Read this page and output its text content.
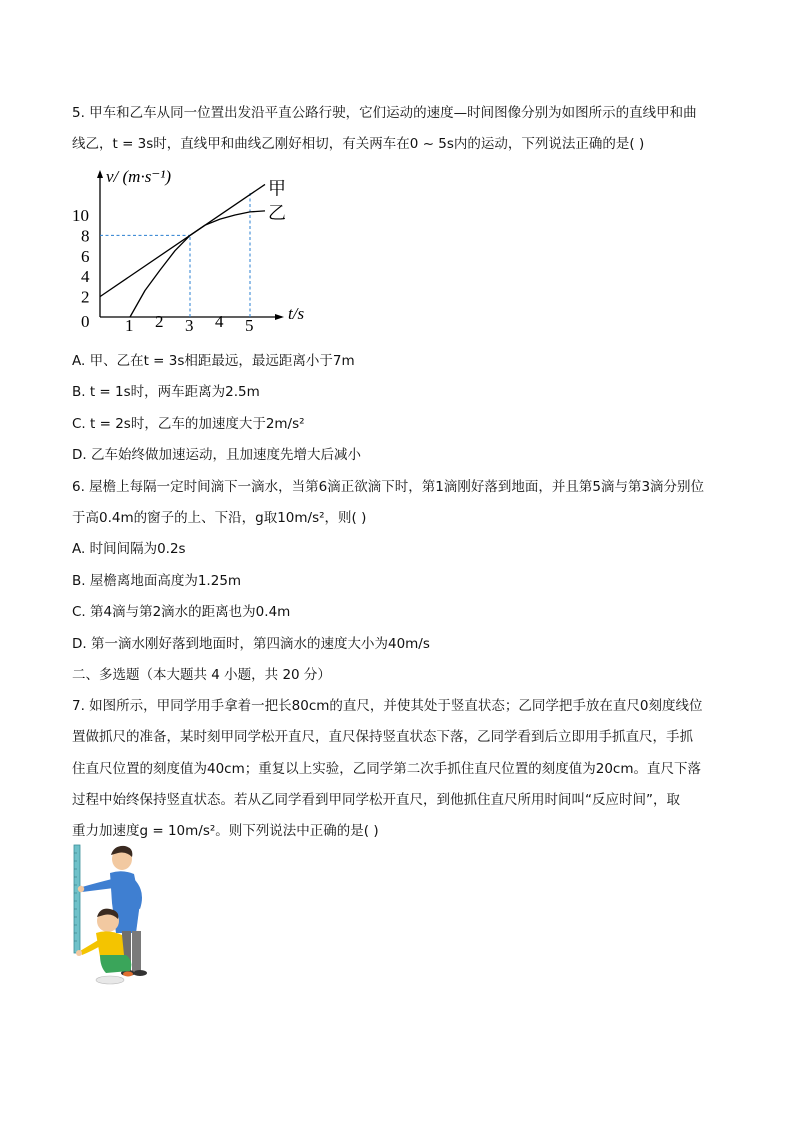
5. 甲车和乙车从同一位置出发沿平直公路行驶，它们运动的速度—时间图像分别为如图所示的直线甲和曲
线乙，t = 3s时，直线甲和曲线乙刚好相切，有关两车在0 ~ 5s内的运动，下列说法正确的是( )
甲
乙
1 2 3 4 5
2
4
6
8
10
0
v/ (m·s⁻¹)
t/s
A. 甲、乙在t = 3s相距最远，最远距离小于7m
B. t = 1s时，两车距离为2.5m
C. t = 2s时，乙车的加速度大于2m/s²
D. 乙车始终做加速运动，且加速度先增大后减小
6. 屋檐上每隔一定时间滴下一滴水，当第6滴正欲滴下时，第1滴刚好落到地面，并且第5滴与第3滴分别位
于高0.4m的窗子的上、下沿，g取10m/s²，则( )
A. 时间间隔为0.2s
B. 屋檐离地面高度为1.25m
C. 第4滴与第2滴水的距离也为0.4m
D. 第一滴水刚好落到地面时，第四滴水的速度大小为40m/s
二、多选题（本大题共 4 小题，共 20 分）
7. 如图所示，甲同学用手拿着一把长80cm的直尺，并使其处于竖直状态；乙同学把手放在直尺0刻度线位
置做抓尺的准备，某时刻甲同学松开直尺，直尺保持竖直状态下落，乙同学看到后立即用手抓直尺，手抓
住直尺位置的刻度值为40cm；重复以上实验，乙同学第二次手抓住直尺位置的刻度值为20cm。直尺下落
过程中始终保持竖直状态。若从乙同学看到甲同学松开直尺，到他抓住直尺所用时间叫“反应时间”，取
重力加速度g = 10m/s²。则下列说法中正确的是( )
